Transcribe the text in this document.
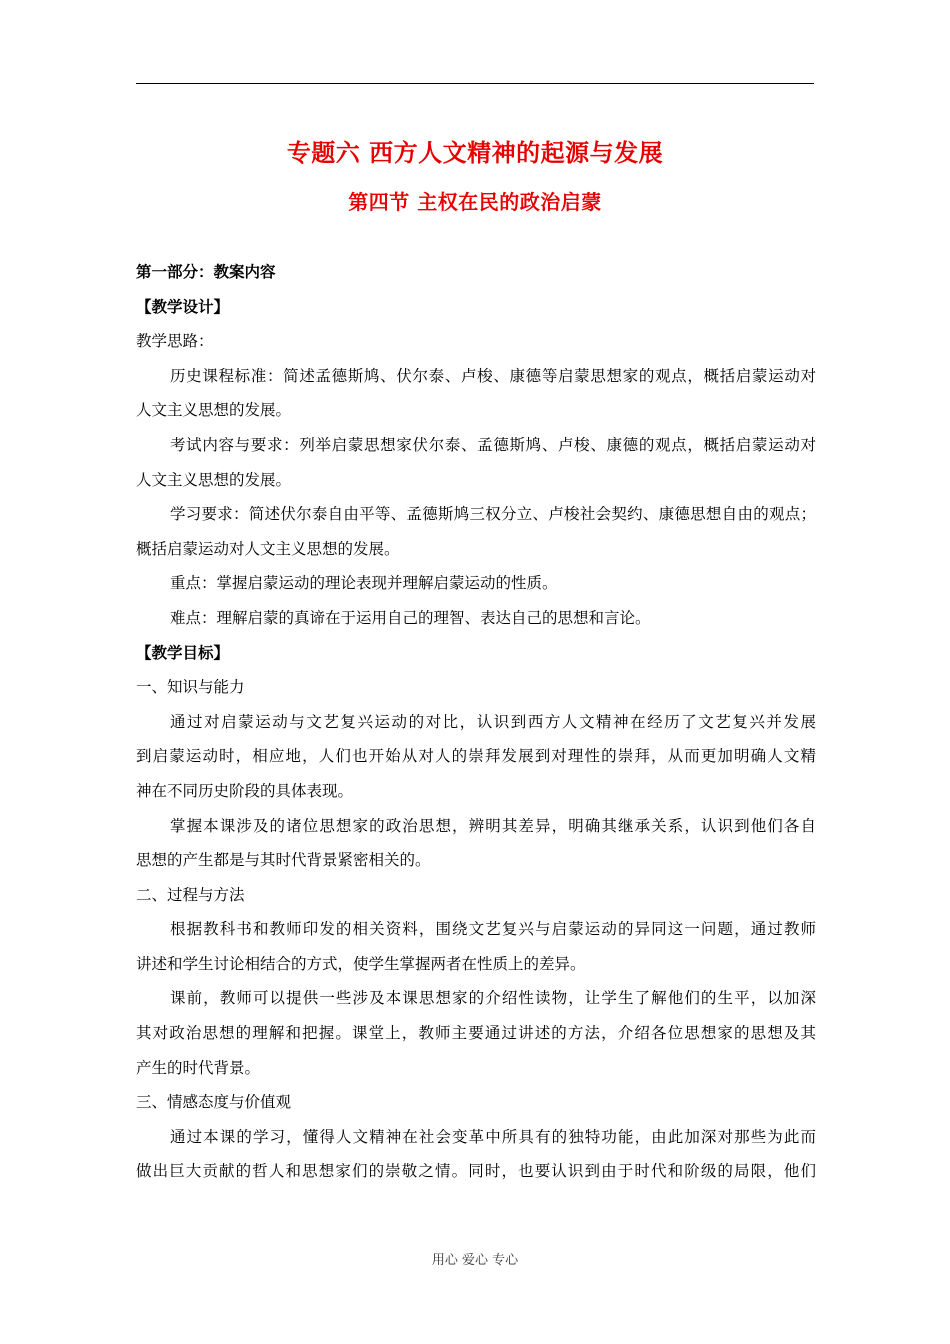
专题六 西方人文精神的起源与发展
第四节 主权在民的政治启蒙
第一部分：教案内容
【教学设计】
教学思路：
历史课程标准：简述孟德斯鸠、伏尔泰、卢梭、康德等启蒙思想家的观点，概括启蒙运动对
人文主义思想的发展。
考试内容与要求：列举启蒙思想家伏尔泰、孟德斯鸠、卢梭、康德的观点，概括启蒙运动对
人文主义思想的发展。
学习要求：简述伏尔泰自由平等、孟德斯鸠三权分立、卢梭社会契约、康德思想自由的观点；
概括启蒙运动对人文主义思想的发展。
重点：掌握启蒙运动的理论表现并理解启蒙运动的性质。
难点：理解启蒙的真谛在于运用自己的理智、表达自己的思想和言论。
【教学目标】
一、知识与能力
通过对启蒙运动与文艺复兴运动的对比，认识到西方人文精神在经历了文艺复兴并发展
到启蒙运动时，相应地，人们也开始从对人的崇拜发展到对理性的崇拜，从而更加明确人文精
神在不同历史阶段的具体表现。
掌握本课涉及的诸位思想家的政治思想，辨明其差异，明确其继承关系，认识到他们各自
思想的产生都是与其时代背景紧密相关的。
二、过程与方法
根据教科书和教师印发的相关资料，围绕文艺复兴与启蒙运动的异同这一问题，通过教师
讲述和学生讨论相结合的方式，使学生掌握两者在性质上的差异。
课前，教师可以提供一些涉及本课思想家的介绍性读物，让学生了解他们的生平，以加深
其对政治思想的理解和把握。课堂上，教师主要通过讲述的方法，介绍各位思想家的思想及其
产生的时代背景。
三、情感态度与价值观
通过本课的学习，懂得人文精神在社会变革中所具有的独特功能，由此加深对那些为此而
做出巨大贡献的哲人和思想家们的崇敬之情。同时，也要认识到由于时代和阶级的局限，他们
用心 爱心 专心
